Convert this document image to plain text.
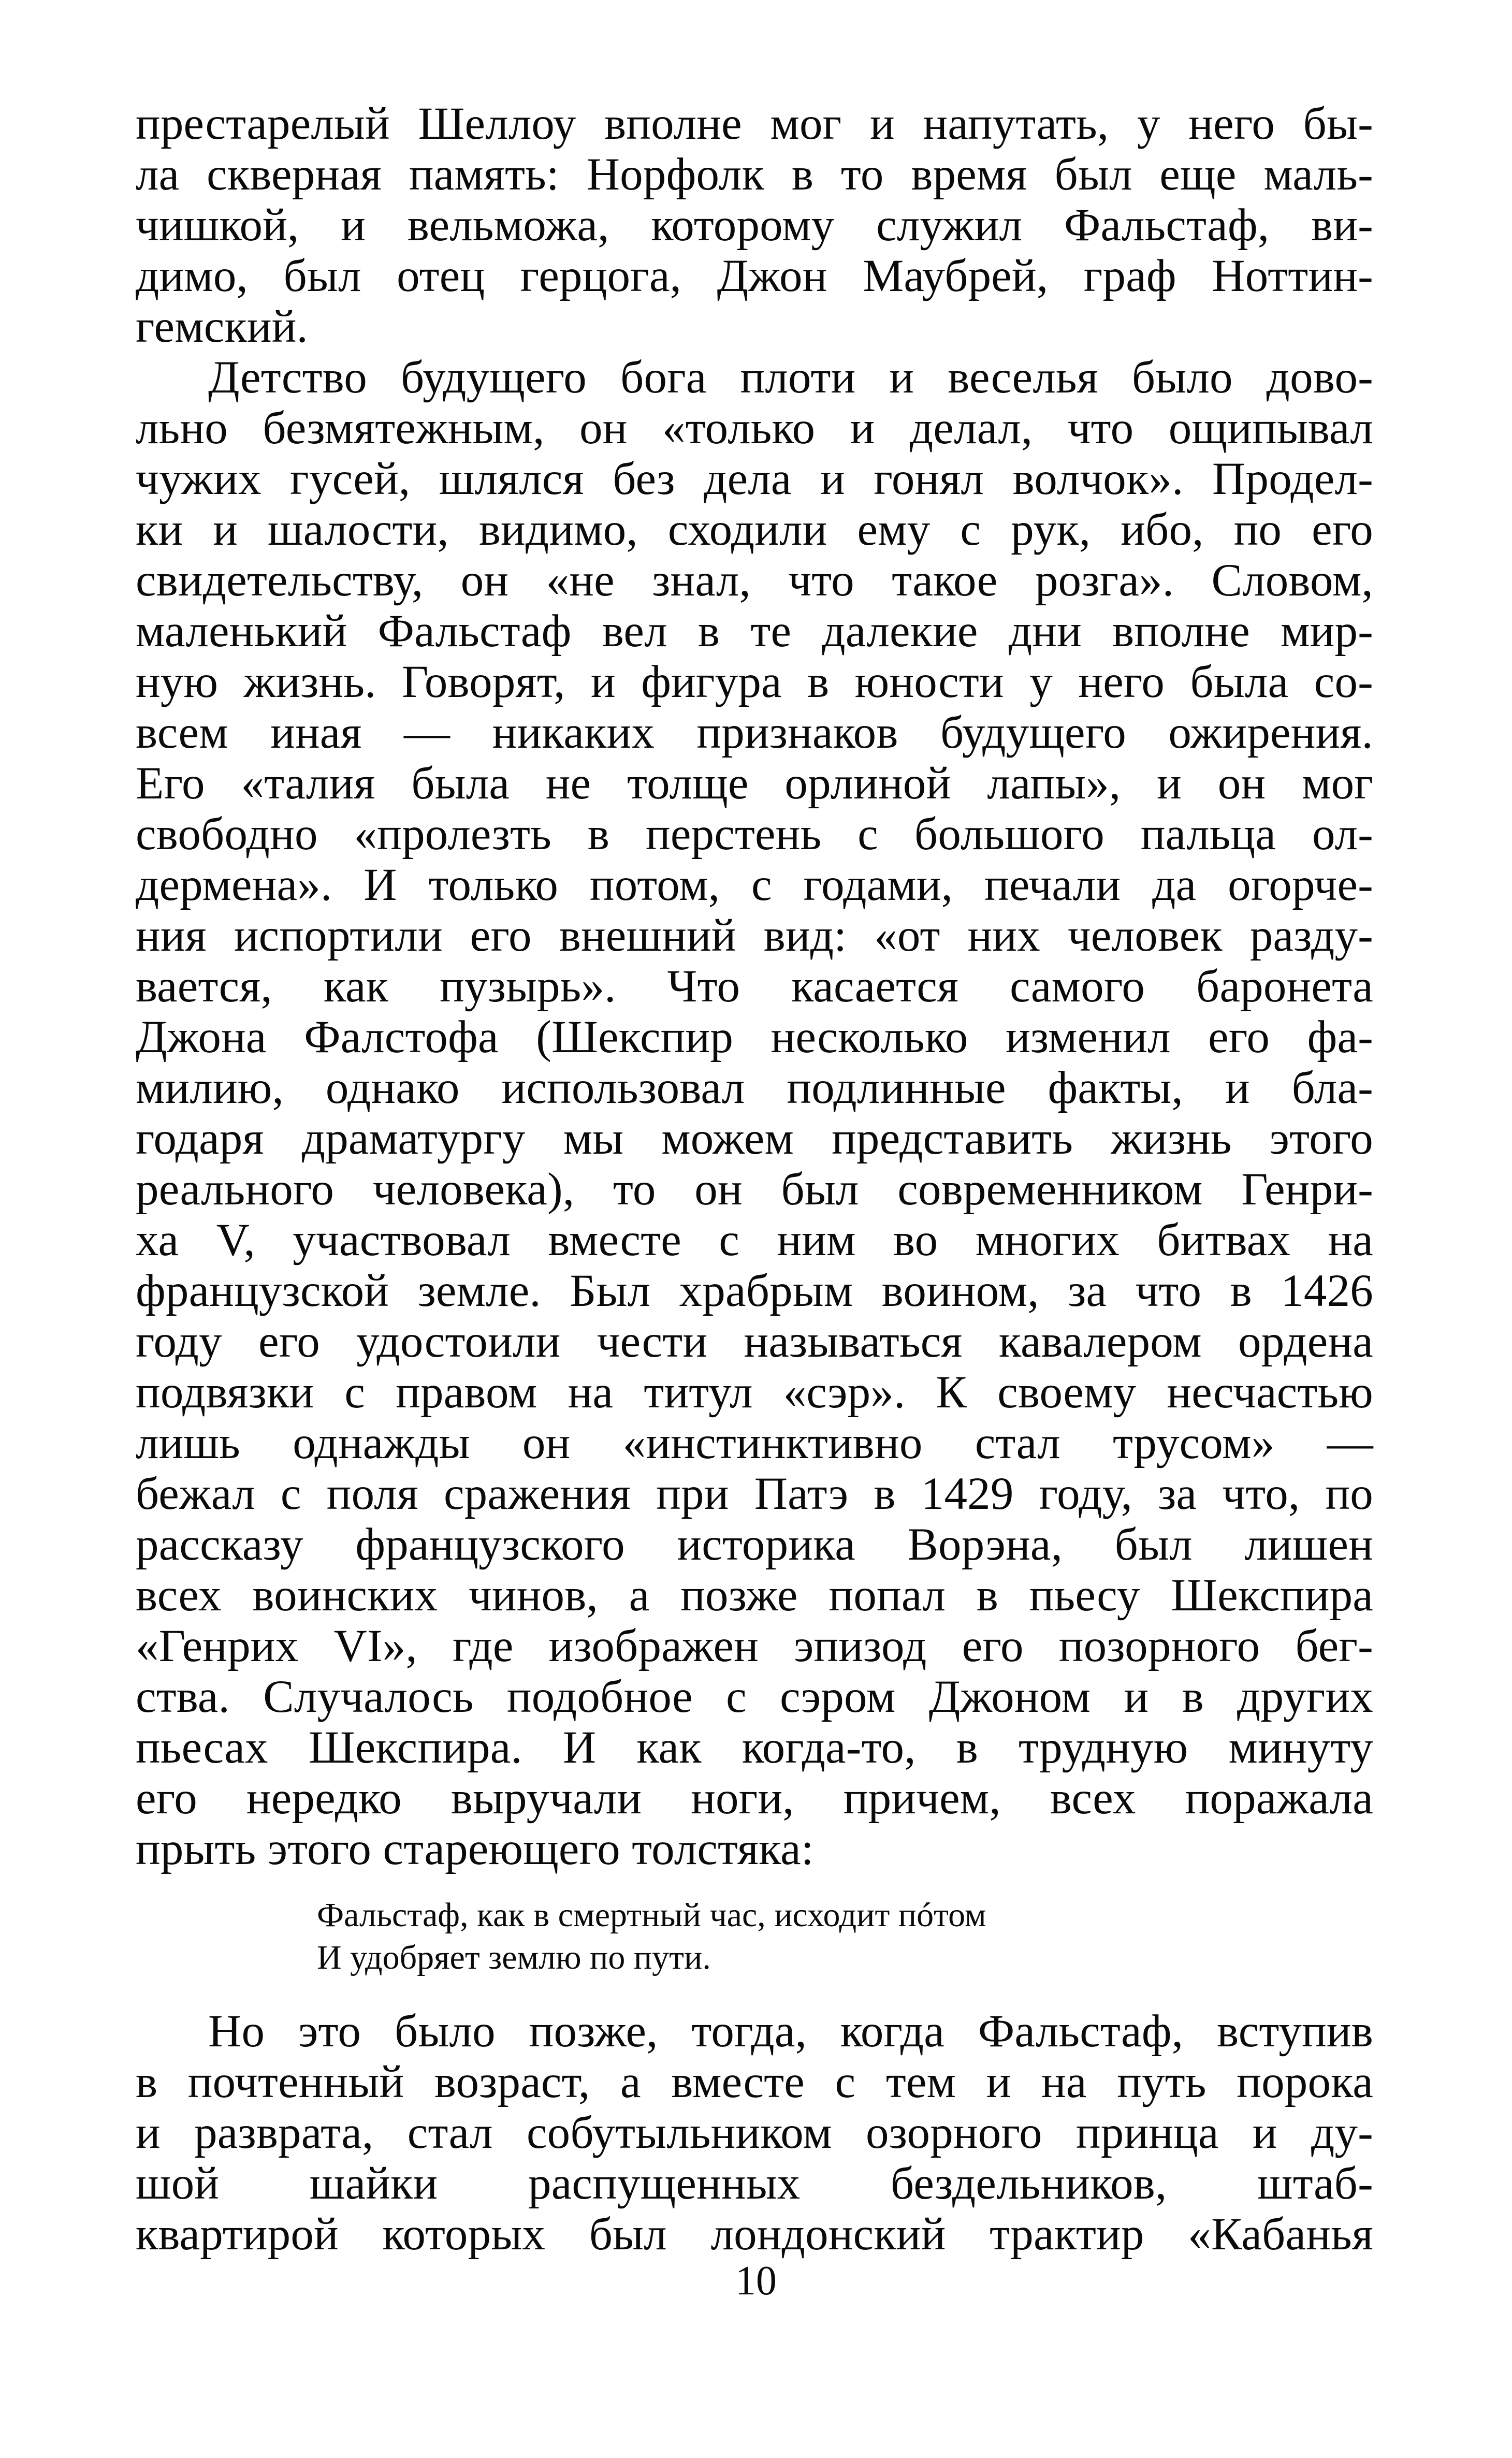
престарелый Шеллоу вполне мог и напутать, у него бы-

ла скверная память: Норфолк в то время был еще маль-

чишкой, и вельможа, которому служил Фальстаф, ви-

димо, был отец герцога, Джон Маубрей, граф Ноттин-

гемский.

Детство будущего бога плоти и веселья было дово-

льно безмятежным, он «только и делал, что ощипывал

чужих гусей, шлялся без дела и гонял волчок». Продел-

ки и шалости, видимо, сходили ему с рук, ибо, по его

свидетельству, он «не знал, что такое розга». Словом,

маленький Фальстаф вел в те далекие дни вполне мир-

ную жизнь. Говорят, и фигура в юности у него была со-

всем иная — никаких признаков будущего ожирения.

Его «талия была не толще орлиной лапы», и он мог

свободно «пролезть в перстень с большого пальца ол-

дермена». И только потом, с годами, печали да огорче-

ния испортили его внешний вид: «от них человек разду-

вается, как пузырь». Что касается самого баронета

Джона Фалстофа (Шекспир несколько изменил его фа-

милию, однако использовал подлинные факты, и бла-

годаря драматургу мы можем представить жизнь этого

реального человека), то он был современником Генри-

ха V, участвовал вместе с ним во многих битвах на

французской земле. Был храбрым воином, за что в 1426

году его удостоили чести называться кавалером ордена

подвязки с правом на титул «сэр». К своему несчастью

лишь однажды он «инстинктивно стал трусом» —

бежал с поля сражения при Патэ в 1429 году, за что, по

рассказу французского историка Ворэна, был лишен

всех воинских чинов, а позже попал в пьесу Шекспира

«Генрих VI», где изображен эпизод его позорного бег-

ства. Случалось подобное с сэром Джоном и в других

пьесах Шекспира. И как когда-то, в трудную минуту

его нередко выручали ноги, причем, всех поражала

прыть этого стареющего толстяка:

Фальстаф, как в смертный час, исходит пóтом

И удобряет землю по пути.

Но это было позже, тогда, когда Фальстаф, вступив

в почтенный возраст, а вместе с тем и на путь порока

и разврата, стал собутыльником озорного принца и ду-

шой шайки распущенных бездельников, штаб-

квартирой которых был лондонский трактир «Кабанья

10
